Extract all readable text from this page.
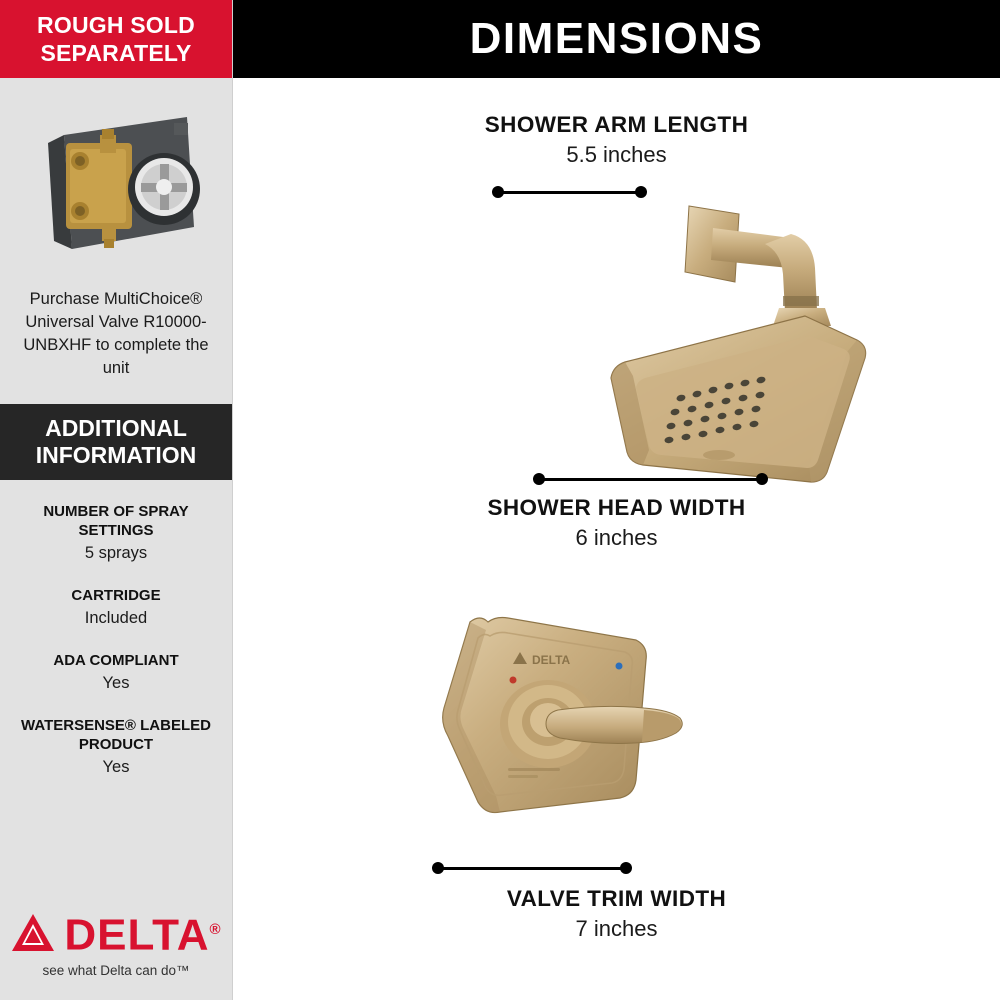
ROUGH SOLD
SEPARATELY
Purchase MultiChoice® Universal Valve R10000-UNBXHF to complete the unit
ADDITIONAL
INFORMATION
NUMBER OF SPRAY SETTINGS
5 sprays
CARTRIDGE
Included
ADA COMPLIANT
Yes
WATERSENSE® LABELED PRODUCT
Yes
DELTA®
see what Delta can do™
DIMENSIONS
SHOWER ARM LENGTH
5.5 inches
SHOWER HEAD WIDTH
6 inches
DELTA
VALVE TRIM WIDTH
7 inches
